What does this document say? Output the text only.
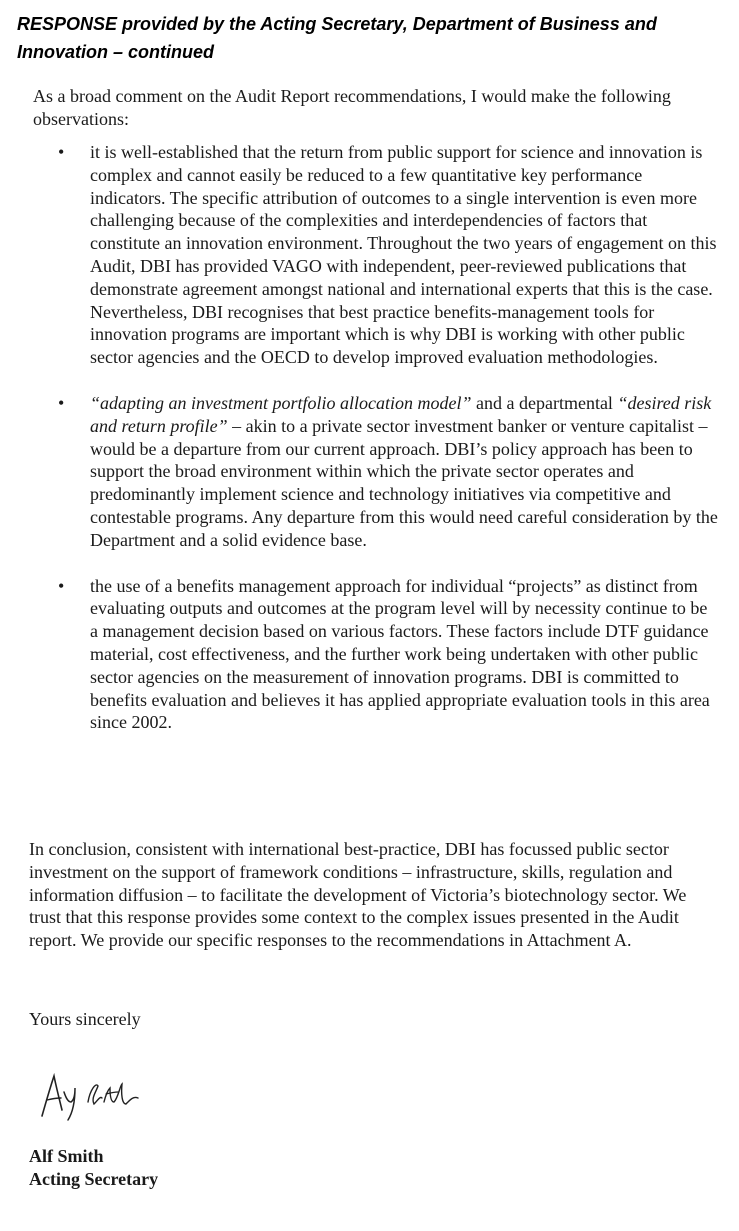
RESPONSE provided by the Acting Secretary, Department of Business and
Innovation – continued
As a broad comment on the Audit Report recommendations, I would make the following observations:
• it is well-established that the return from public support for science and innovation is complex and cannot easily be reduced to a few quantitative key performance indicators. The specific attribution of outcomes to a single intervention is even more challenging because of the complexities and interdependencies of factors that constitute an innovation environment. Throughout the two years of engagement on this Audit, DBI has provided VAGO with independent, peer-reviewed publications that demonstrate agreement amongst national and international experts that this is the case. Nevertheless, DBI recognises that best practice benefits-management tools for innovation programs are important which is why DBI is working with other public sector agencies and the OECD to develop improved evaluation methodologies.
• “adapting an investment portfolio allocation model” and a departmental “desired risk and return profile” – akin to a private sector investment banker or venture capitalist – would be a departure from our current approach. DBI’s policy approach has been to support the broad environment within which the private sector operates and predominantly implement science and technology initiatives via competitive and contestable programs. Any departure from this would need careful consideration by the Department and a solid evidence base.
• the use of a benefits management approach for individual “projects” as distinct from evaluating outputs and outcomes at the program level will by necessity continue to be a management decision based on various factors. These factors include DTF guidance material, cost effectiveness, and the further work being undertaken with other public sector agencies on the measurement of innovation programs. DBI is committed to benefits evaluation and believes it has applied appropriate evaluation tools in this area since 2002.
In conclusion, consistent with international best-practice, DBI has focussed public sector investment on the support of framework conditions – infrastructure, skills, regulation and information diffusion – to facilitate the development of Victoria’s biotechnology sector. We trust that this response provides some context to the complex issues presented in the Audit report. We provide our specific responses to the recommendations in Attachment A.
Yours sincerely
Alf Smith
Acting Secretary
